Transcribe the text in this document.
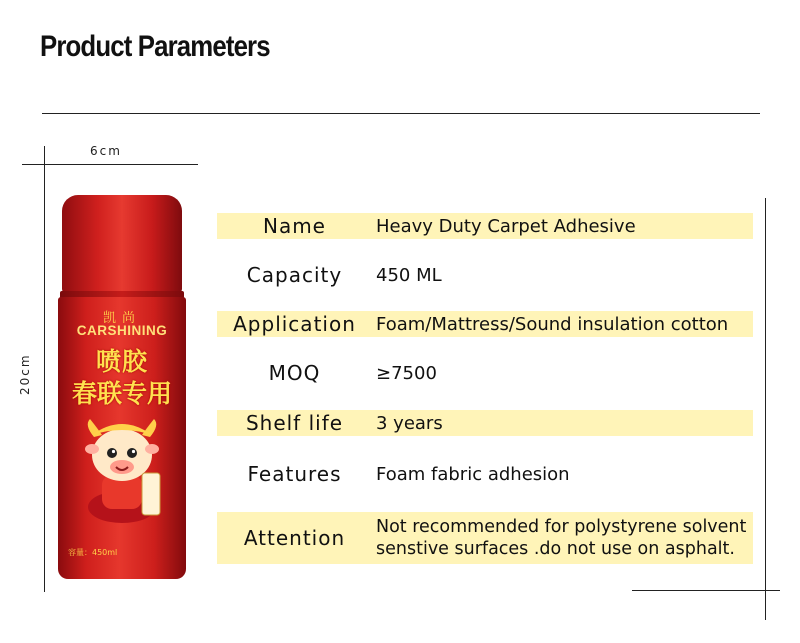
Product Parameters
6cm
20cm
凯尚
CARSHINING
喷胶
春联专用
容量：450ml
Name	Heavy Duty Carpet Adhesive
Capacity	450 ML
Application	Foam/Mattress/Sound insulation cotton
MOQ	≥7500
Shelf life	3 years
Features	Foam fabric adhesion
Attention	Not recommended for polystyrene solvent
senstive surfaces .do not use on asphalt.
